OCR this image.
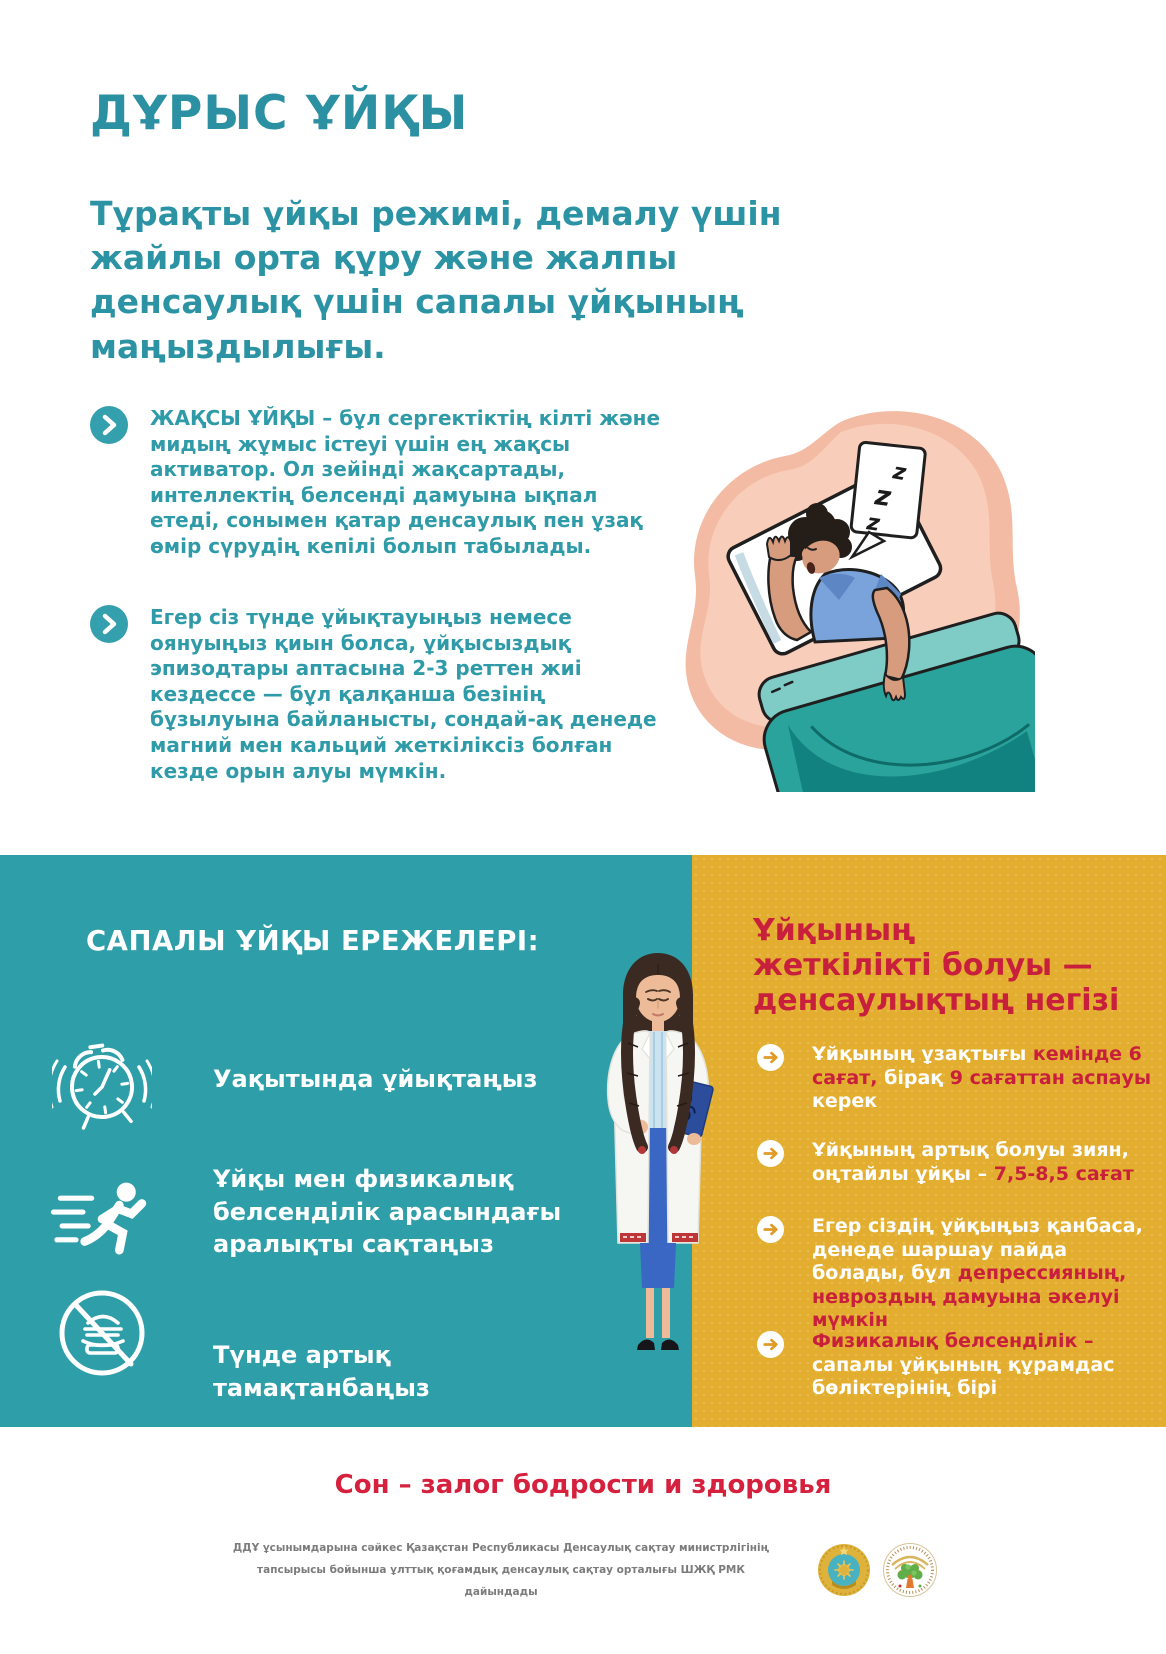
ДҰРЫС ҰЙҚЫ

Тұрақты ұйқы режимі, демалу үшін жайлы орта құру және жалпы денсаулық үшін сапалы ұйқының маңыздылығы.

ЖАҚСЫ ҰЙҚЫ – бұл сергектіктің кілті және мидың жұмыс істеуі үшін ең жақсы активатор. Ол зейінді жақсартады, интеллектің белсенді дамуына ықпал етеді, сонымен қатар денсаулық пен ұзақ өмір сүрудің кепілі болып табылады.

Егер сіз түнде ұйықтауыңыз немесе оянуыңыз қиын болса, ұйқысыздық эпизодтары аптасына 2-3 реттен жиі кездессе — бұл қалқанша безінің бұзылуына байланысты, сондай-ақ денеде магний мен кальций жеткіліксіз болған кезде орын алуы мүмкін.

z
z
z
САПАЛЫ ҰЙҚЫ ЕРЕЖЕЛЕРІ:

Уақытында ұйықтаңыз

Ұйқы мен физикалық белсенділік арасындағы аралықты сақтаңыз

Түнде артық тамақтанбаңыз

Ұйқының
жеткілікті болуы —
денсаулықтың негізі

Ұйқының ұзақтығы кемінде 6 сағат, бірақ 9 сағаттан аспауы керек

Ұйқының артық болуы зиян, оңтайлы ұйқы – 7,5-8,5 сағат

Егер сіздің ұйқыңыз қанбаса, денеде шаршау пайда болады, бұл депрессияның, невроздың дамуына әкелуі мүмкін

Физикалық белсенділік – сапалы ұйқының құрамдас бөліктерінің бірі

Сон – залог бодрости и здоровья

ДДҰ ұсынымдарына сәйкес Қазақстан Республикасы Денсаулық сақтау министрлігінің тапсырысы бойынша ұлттық қоғамдық денсаулық сақтау орталығы ШЖҚ РМК дайындады
